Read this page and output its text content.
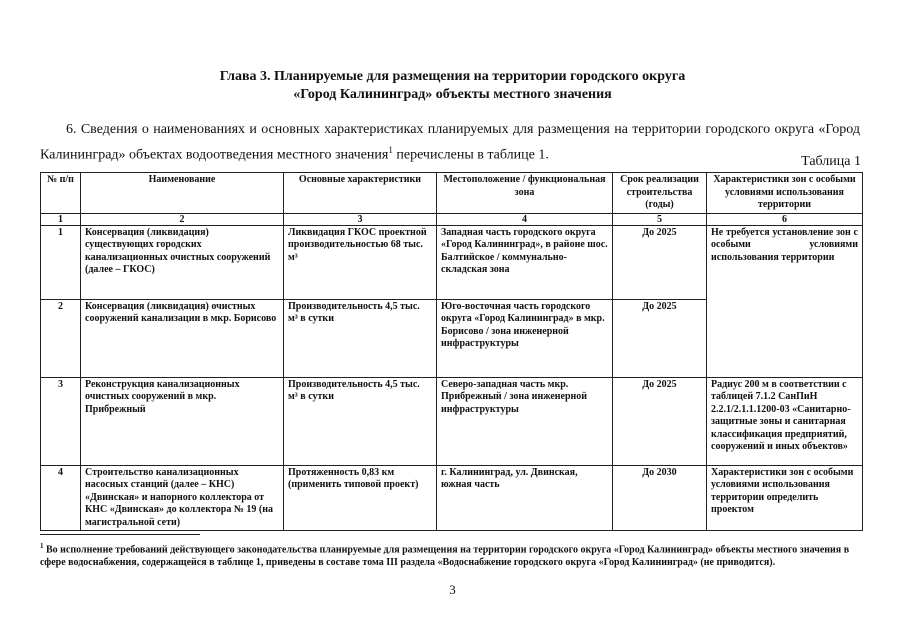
Глава 3. Планируемые для размещения на территории городского округа
«Город Калининград» объекты местного значения
6. Сведения о наименованиях и основных характеристиках планируемых для размещения на территории городского округа «Город Калининград» объектах водоотведения местного значения$^1$ перечислены в таблице 1.	Таблица 1
№ п/п	Наименование	Основные характеристики	Местоположение / функциональная зона	Срок реализации строительства (годы)	Характеристики зон с особыми условиями использования территории
1	2	3	4	5	6
1	Консервация (ликвидация) существующих городских канализационных очистных сооружений (далее – ГКОС)	Ликвидация ГКОС проектной производительностью 68 тыс. м³	Западная часть городского округа «Город Калининград», в районе шос. Балтийское / коммунально-складская зона	До 2025	Не требуется установление зон с особыми условиями использования территории
2	Консервация (ликвидация) очистных сооружений канализации в мкр. Борисово	Производительность 4,5 тыс. м³ в сутки	Юго-восточная часть городского округа «Город Калининград» в мкр. Борисово / зона инженерной инфраструктуры	До 2025	
3	Реконструкция канализационных очистных сооружений в мкр. Прибрежный	Производительность 4,5 тыс. м³ в сутки	Северо-западная часть мкр. Прибрежный / зона инженерной инфраструктуры	До 2025	Радиус 200 м в соответствии с таблицей 7.1.2 СанПиН 2.2.1/2.1.1.1200-03 «Санитарно-защитные зоны и санитарная классификация предприятий, сооружений и иных объектов»
4	Строительство канализационных насосных станций (далее – КНС) «Двинская» и напорного коллектора от КНС «Двинская» до коллектора № 19 (на магистральной сети)	Протяженность 0,83 км (применить типовой проект)	г. Калининград, ул. Двинская, южная часть	До 2030	Характеристики зон с особыми условиями использования территории определить проектом
$^1$ Во исполнение требований действующего законодательства планируемые для размещения на территории городского округа «Город Калининград» объекты местного значения в сфере водоснабжения, содержащейся в таблице 1, приведены в составе тома III раздела «Водоснабжение городского округа «Город Калининград» (не приводится).
3
